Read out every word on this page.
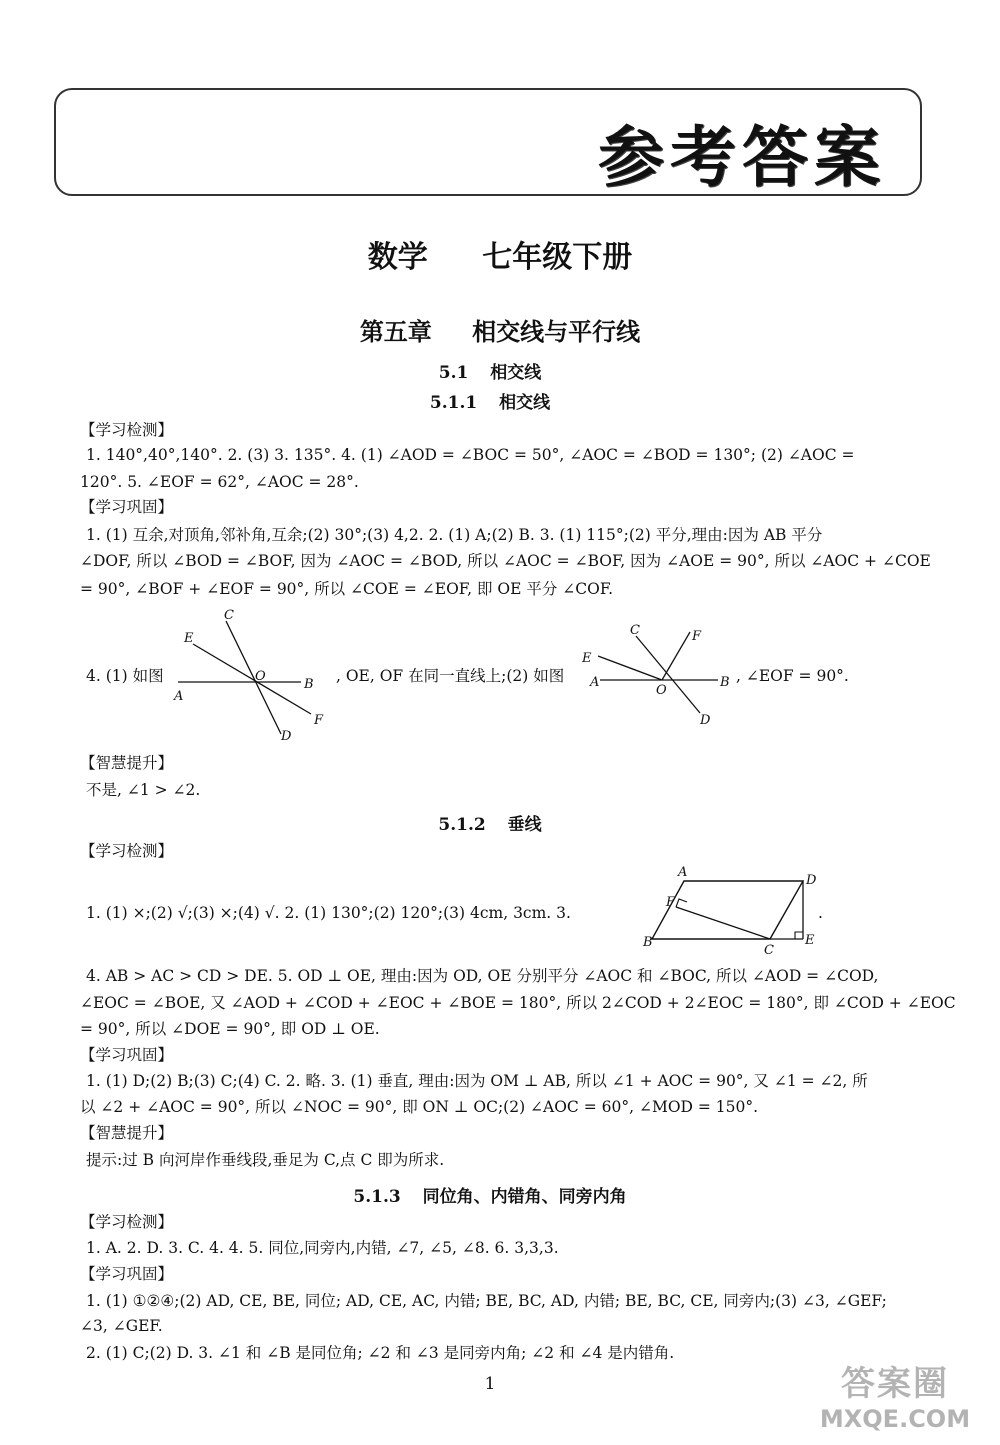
参考答案
数学 七年级下册
第五章 相交线与平行线
5.1 相交线
5.1.1 相交线
【学习检测】
1. 140°,40°,140°. 2. (3) 3. 135°. 4. (1) ∠AOD = ∠BOC = 50°, ∠AOC = ∠BOD = 130°; (2) ∠AOC =
120°. 5. ∠EOF = 62°, ∠AOC = 28°.
【学习巩固】
1. (1) 互余,对顶角,邻补角,互余;(2) 30°;(3) 4,2. 2. (1) A;(2) B. 3. (1) 115°;(2) 平分,理由:因为 AB 平分
∠DOF, 所以 ∠BOD = ∠BOF, 因为 ∠AOC = ∠BOD, 所以 ∠AOC = ∠BOF, 因为 ∠AOE = 90°, 所以 ∠AOC + ∠COE
= 90°, ∠BOF + ∠EOF = 90°, 所以 ∠COE = ∠EOF, 即 OE 平分 ∠COF.
4. (1) 如图
C
E
O
B
A
F
D
, OE, OF 在同一直线上;(2) 如图
C	F
E
A
O
B
D
, ∠EOF = 90°.
【智慧提升】
不是, ∠1 > ∠2.
5.1.2 垂线
【学习检测】
1. (1) ×;(2) √;(3) ×;(4) √. 2. (1) 130°;(2) 120°;(3) 4cm, 3cm. 3.
A
D
F
B
C
E
.
4. AB > AC > CD > DE. 5. OD ⊥ OE, 理由:因为 OD, OE 分别平分 ∠AOC 和 ∠BOC, 所以 ∠AOD = ∠COD,
∠EOC = ∠BOE, 又 ∠AOD + ∠COD + ∠EOC + ∠BOE = 180°, 所以 2∠COD + 2∠EOC = 180°, 即 ∠COD + ∠EOC
= 90°, 所以 ∠DOE = 90°, 即 OD ⊥ OE.
【学习巩固】
1. (1) D;(2) B;(3) C;(4) C. 2. 略. 3. (1) 垂直, 理由:因为 OM ⊥ AB, 所以 ∠1 + AOC = 90°, 又 ∠1 = ∠2, 所
以 ∠2 + ∠AOC = 90°, 所以 ∠NOC = 90°, 即 ON ⊥ OC;(2) ∠AOC = 60°, ∠MOD = 150°.
【智慧提升】
提示:过 B 向河岸作垂线段,垂足为 C,点 C 即为所求.
5.1.3 同位角、内错角、同旁内角
【学习检测】
1. A. 2. D. 3. C. 4. 4. 5. 同位,同旁内,内错, ∠7, ∠5, ∠8. 6. 3,3,3.
【学习巩固】
1. (1) ①②④;(2) AD, CE, BE, 同位; AD, CE, AC, 内错; BE, BC, AD, 内错; BE, BC, CE, 同旁内;(3) ∠3, ∠GEF;
∠3, ∠GEF.
2. (1) C;(2) D. 3. ∠1 和 ∠B 是同位角; ∠2 和 ∠3 是同旁内角; ∠2 和 ∠4 是内错角.
1	答案圈
MXQE.COM
